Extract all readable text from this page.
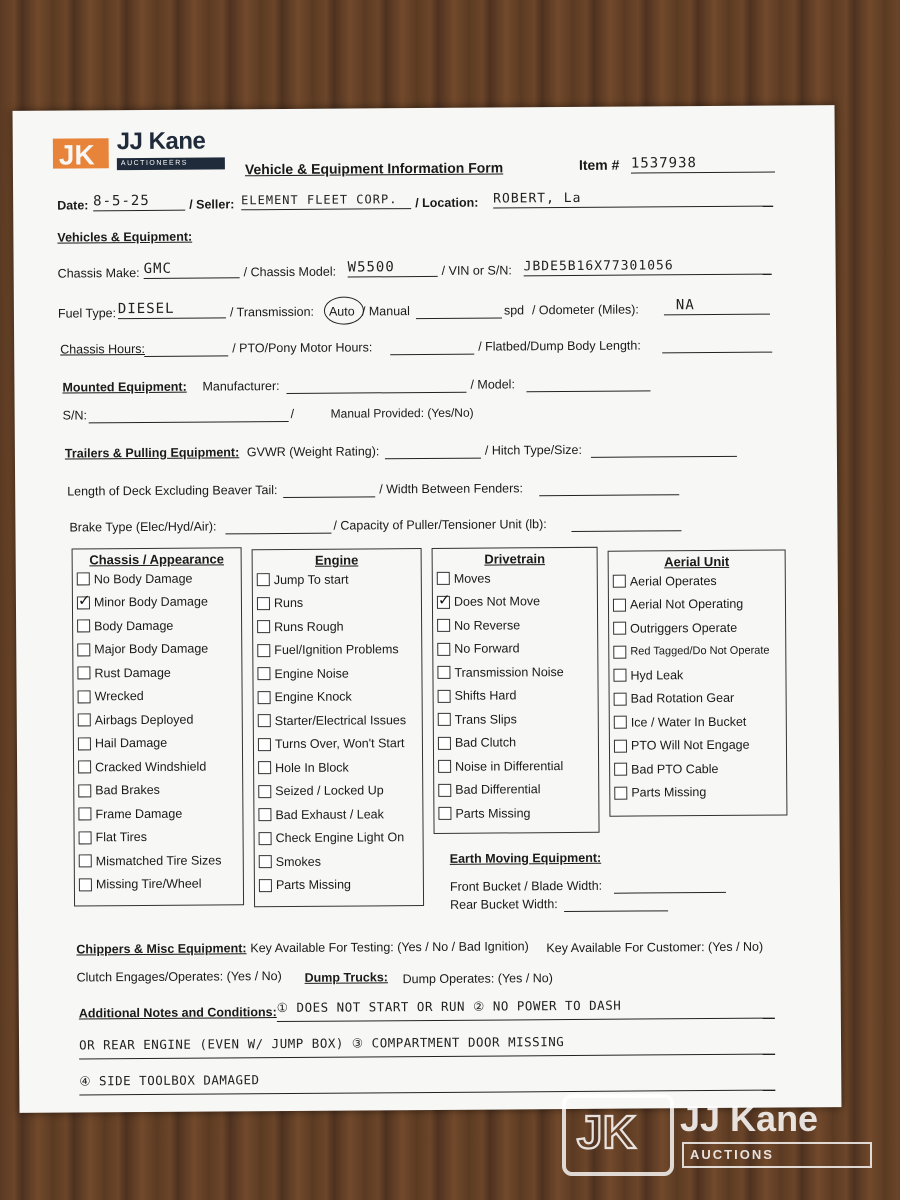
JK JJ Kane
AUCTIONEERS	Vehicle & Equipment Information Form	Item # 1537938
Date: 8-5-25	/ Seller: ELEMENT FLEET CORP.	/ Location: ROBERT, La
Vehicles & Equipment:
Chassis Make: GMC	/ Chassis Model: W5500	/ VIN or S/N: JBDE5B16X77301056
Fuel Type: DIESEL	/ Transmission: Auto / Manual	spd / Odometer (Miles):	NA
Chassis Hours:	/ PTO/Pony Motor Hours:	/ Flatbed/Dump Body Length:
Mounted Equipment: Manufacturer:	/ Model:
S/N:	/	Manual Provided: (Yes/No)
Trailers & Pulling Equipment: GVWR (Weight Rating):	/ Hitch Type/Size:
Length of Deck Excluding Beaver Tail:	/ Width Between Fenders:
Brake Type (Elec/Hyd/Air):	/ Capacity of Puller/Tensioner Unit (lb):
Chassis / Appearance
No Body Damage
✓
Minor Body Damage
Body Damage
Major Body Damage
Rust Damage
Wrecked
Airbags Deployed
Hail Damage
Cracked Windshield
Bad Brakes
Frame Damage
Flat Tires
Mismatched Tire Sizes
Missing Tire/Wheel
Engine
Jump To start
Runs
Runs Rough
Fuel/Ignition Problems
Engine Noise
Engine Knock
Starter/Electrical Issues
Turns Over, Won't Start
Hole In Block
Seized / Locked Up
Bad Exhaust / Leak
Check Engine Light On
Smokes
Parts Missing
Drivetrain
Moves
✓
Does Not Move
No Reverse
No Forward
Transmission Noise
Shifts Hard
Trans Slips
Bad Clutch
Noise in Differential
Bad Differential
Parts Missing
Aerial Unit
Aerial Operates
Aerial Not Operating
Outriggers Operate
Red Tagged/Do Not Operate
Hyd Leak
Bad Rotation Gear
Ice / Water In Bucket
PTO Will Not Engage
Bad PTO Cable
Parts Missing
Earth Moving Equipment:
Front Bucket / Blade Width:
Rear Bucket Width:
Chippers & Misc Equipment: Key Available For Testing: (Yes / No / Bad Ignition) Key Available For Customer: (Yes / No)
Clutch Engages/Operates: (Yes / No) Dump Trucks: Dump Operates: (Yes / No)
Additional Notes and Conditions: ① DOES NOT START OR RUN ② NO POWER TO DASH
OR REAR ENGINE (EVEN W/ JUMP BOX) ③ COMPARTMENT DOOR MISSING
④ SIDE TOOLBOX DAMAGED
JK JJ Kane
AUCTIONS
